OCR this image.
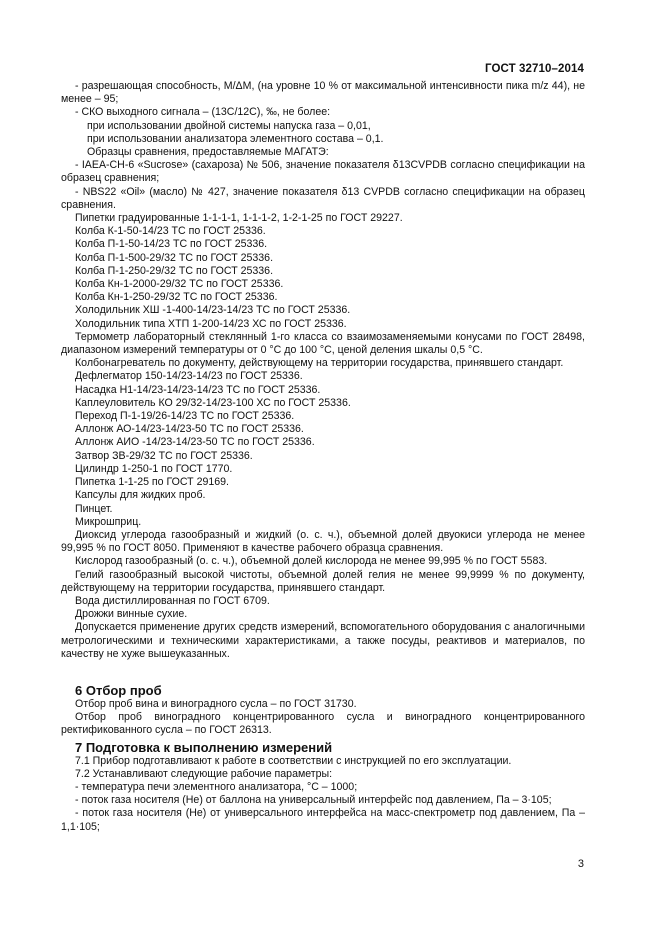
ГОСТ 32710–2014

- разрешающая способность, М/ΔМ, (на уровне 10 % от максимальной интенсивности пика m/z 44), не менее – 95;

- СКО выходного сигнала – (13С/12С), ‰, не более:

при использовании двойной системы напуска газа – 0,01,

при использовании анализатора элементного состава – 0,1.

Образцы сравнения, предоставляемые МАГАТЭ:

- IAEA-CH-6 «Sucrose» (сахароза) № 506, значение показателя δ13CVPDB согласно спецификации на образец сравнения;

- NBS22 «Oil» (масло) № 427, значение показателя δ13 CVPDB согласно спецификации на образец сравнения.

Пипетки градуированные 1-1-1-1, 1-1-1-2, 1-2-1-25 по ГОСТ 29227.

Колба К-1-50-14/23 ТС по ГОСТ 25336.

Колба П-1-50-14/23 ТС по ГОСТ 25336.

Колба П-1-500-29/32 ТС по ГОСТ 25336.

Колба П-1-250-29/32 ТС по ГОСТ 25336.

Колба Кн-1-2000-29/32 ТС по ГОСТ 25336.

Колба Кн-1-250-29/32 ТС по ГОСТ 25336.

Холодильник ХШ -1-400-14/23-14/23 ТС по ГОСТ 25336.

Холодильник типа ХТП 1-200-14/23 ХС по ГОСТ 25336.

Термометр лабораторный стеклянный 1-го класса со взаимозаменяемыми конусами по ГОСТ 28498, диапазоном измерений температуры от 0 °С до 100 °С, ценой деления шкалы 0,5 °С.

Колбонагреватель по документу, действующему на территории государства, принявшего стандарт.

Дефлегматор 150-14/23-14/23 по ГОСТ 25336.

Насадка Н1-14/23-14/23-14/23 ТС по ГОСТ 25336.

Каплеуловитель КО 29/32-14/23-100 ХС по ГОСТ 25336.

Переход П-1-19/26-14/23 ТС по ГОСТ 25336.

Аллонж АО-14/23-14/23-50 ТС по ГОСТ 25336.

Аллонж АИО -14/23-14/23-50 ТС по ГОСТ 25336.

Затвор ЗВ-29/32 ТС по ГОСТ 25336.

Цилиндр 1-250-1 по ГОСТ 1770.

Пипетка 1-1-25 по ГОСТ 29169.

Капсулы для жидких проб.

Пинцет.

Микрошприц.

Диоксид углерода газообразный и жидкий (о. с. ч.), объемной долей двуокиси углерода не менее 99,995 % по ГОСТ 8050. Применяют в качестве рабочего образца сравнения.

Кислород газообразный (о. с. ч.), объемной долей кислорода не менее 99,995 % по ГОСТ 5583.

Гелий газообразный высокой чистоты, объемной долей гелия не менее 99,9999 % по документу, действующему на территории государства, принявшего стандарт.

Вода дистиллированная по ГОСТ 6709.

Дрожжи винные сухие.

Допускается применение других средств измерений, вспомогательного оборудования с аналогичными метрологическими и техническими характеристиками, а также посуды, реактивов и материалов, по качеству не хуже вышеуказанных.

6 Отбор проб

Отбор проб вина и виноградного сусла – по ГОСТ 31730.

Отбор проб виноградного концентрированного сусла и виноградного концентрированного ректификованного сусла – по ГОСТ 26313.

7 Подготовка к выполнению измерений

7.1 Прибор подготавливают к работе в соответствии с инструкцией по его эксплуатации.

7.2 Устанавливают следующие рабочие параметры:

- температура печи элементного анализатора, °С – 1000;

- поток газа носителя (Не) от баллона на универсальный интерфейс под давлением, Па – 3·105;

- поток газа носителя (Не) от универсального интерфейса на масс-спектрометр под давлением, Па – 1,1·105;

3
